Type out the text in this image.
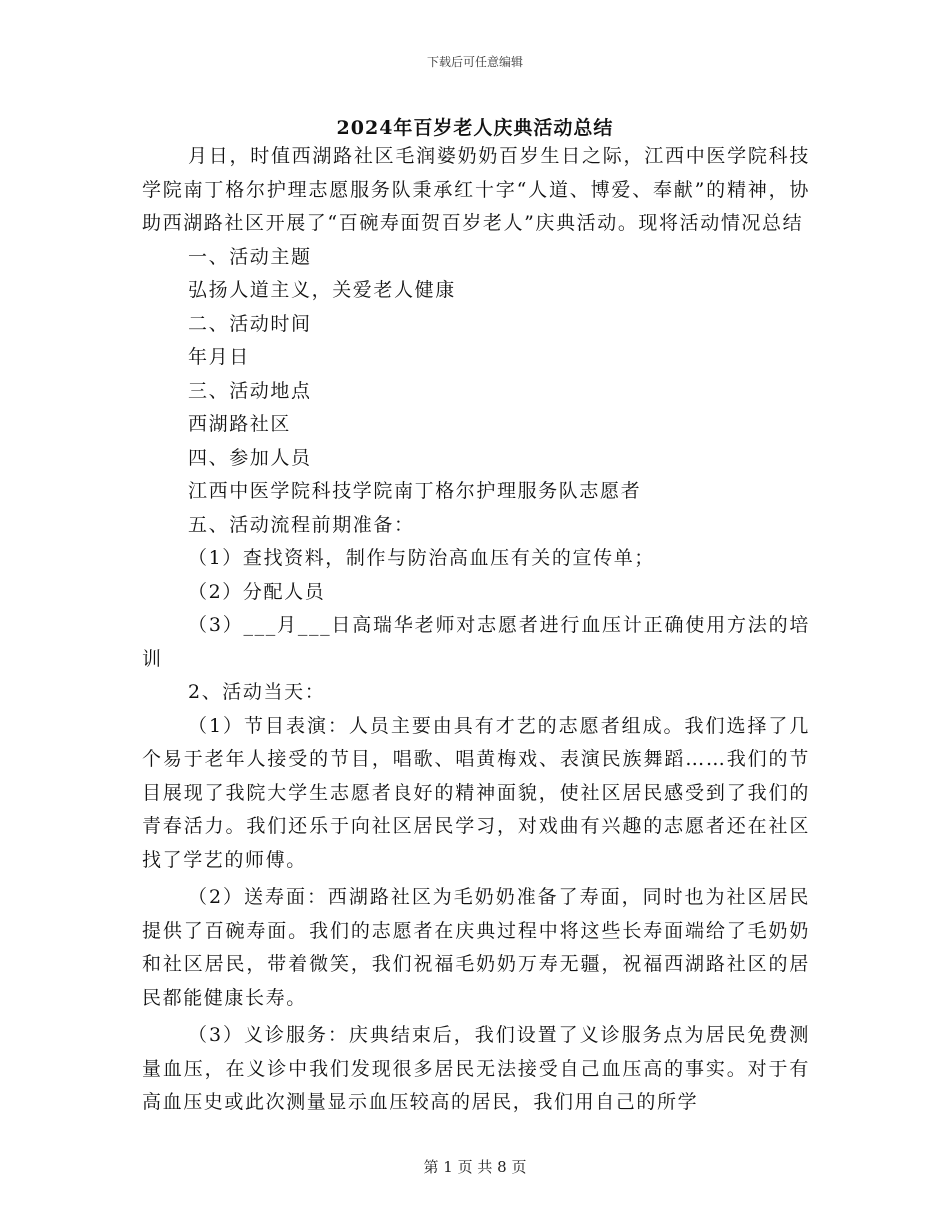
下载后可任意编辑
2024年百岁老人庆典活动总结

月日，时值西湖路社区毛润婆奶奶百岁生日之际，江西中医学院科技学院南丁格尔护理志愿服务队秉承红十字“人道、博爱、奉献”的精神，协助西湖路社区开展了“百碗寿面贺百岁老人”庆典活动。现将活动情况总结

一、活动主题

弘扬人道主义，关爱老人健康

二、活动时间

年月日

三、活动地点

西湖路社区

四、参加人员

江西中医学院科技学院南丁格尔护理服务队志愿者

五、活动流程前期准备：

（1）查找资料，制作与防治高血压有关的宣传单；

（2）分配人员

（3）___月___日高瑞华老师对志愿者进行血压计正确使用方法的培训

2、活动当天：

（1）节目表演：人员主要由具有才艺的志愿者组成。我们选择了几个易于老年人接受的节目，唱歌、唱黄梅戏、表演民族舞蹈……我们的节目展现了我院大学生志愿者良好的精神面貌，使社区居民感受到了我们的青春活力。我们还乐于向社区居民学习，对戏曲有兴趣的志愿者还在社区找了学艺的师傅。

（2）送寿面：西湖路社区为毛奶奶准备了寿面，同时也为社区居民提供了百碗寿面。我们的志愿者在庆典过程中将这些长寿面端给了毛奶奶和社区居民，带着微笑，我们祝福毛奶奶万寿无疆，祝福西湖路社区的居民都能健康长寿。

（3）义诊服务：庆典结束后，我们设置了义诊服务点为居民免费测量血压，在义诊中我们发现很多居民无法接受自己血压高的事实。对于有高血压史或此次测量显示血压较高的居民，我们用自己的所学

第 1 页 共 8 页
